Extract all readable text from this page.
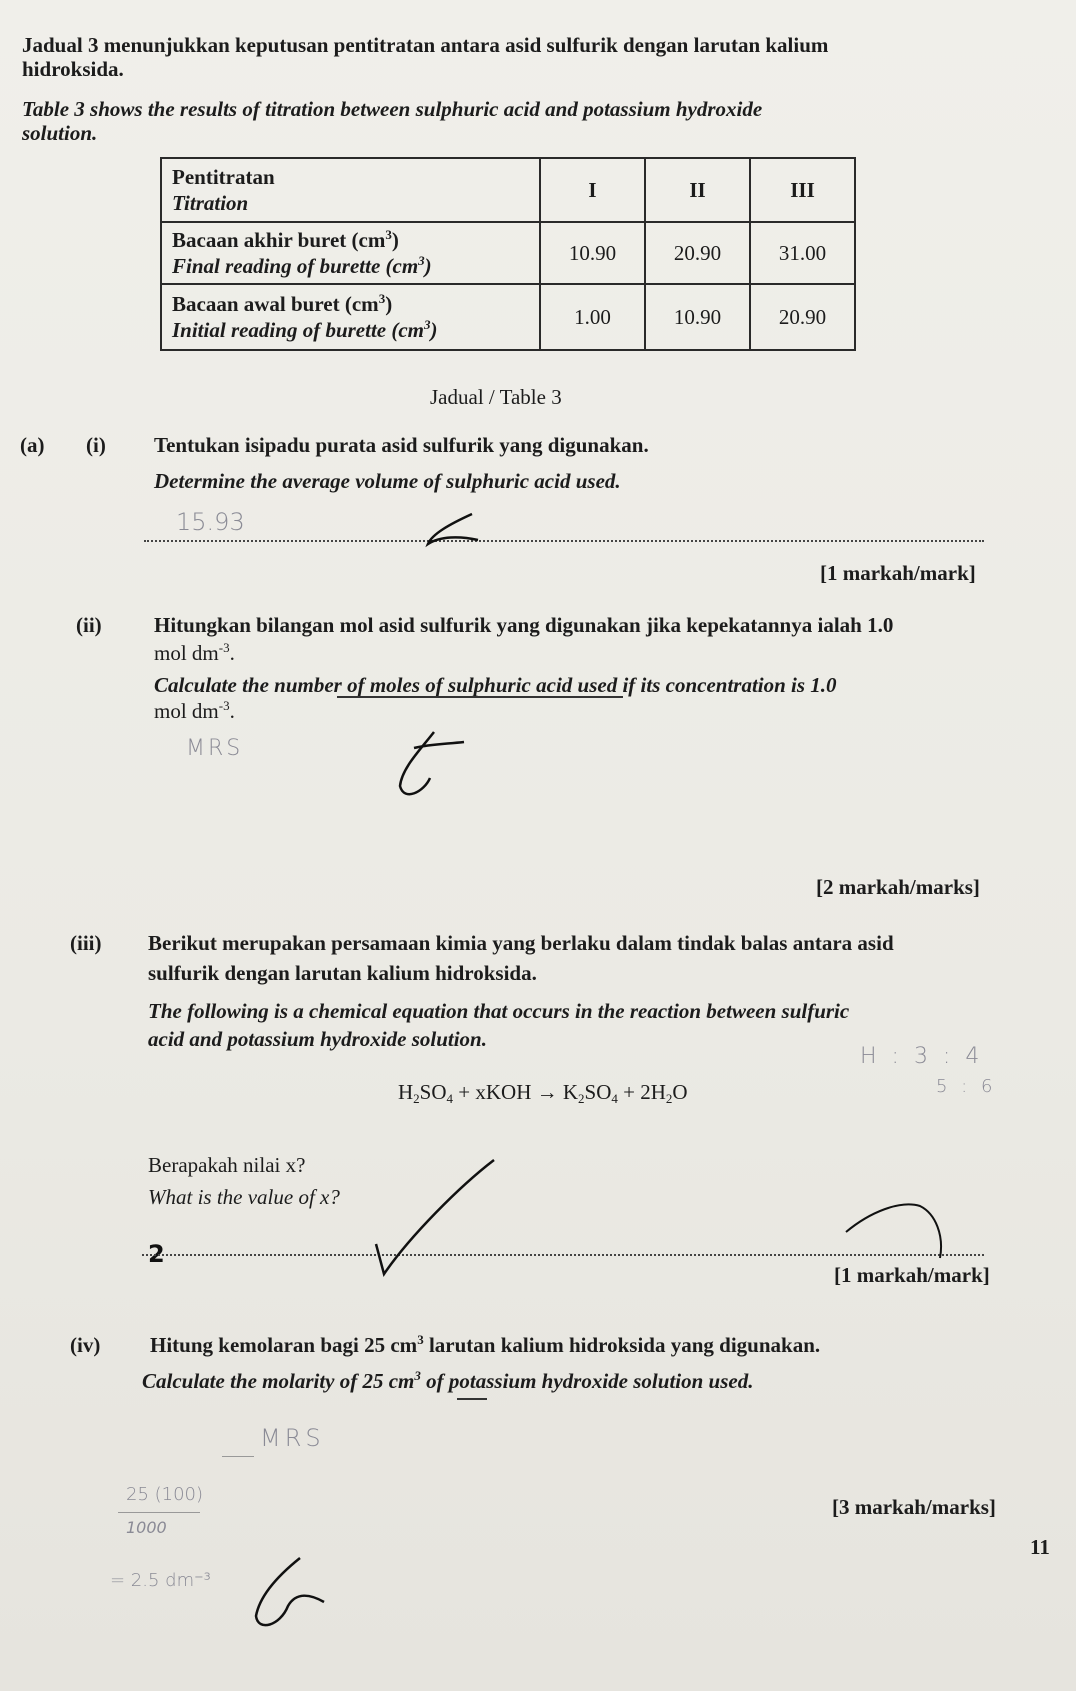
Jadual 3 menunjukkan keputusan pentitratan antara asid sulfurik dengan larutan kalium
hidroksida.
Table 3 shows the results of titration between sulphuric acid and potassium hydroxide
solution.
Pentitratan
Titration	I	II	III

Bacaan akhir buret $(cm^3)$
Final reading of burette $(cm^3)$	10.90	20.90	31.00

Bacaan awal buret $(cm^3)$
Initial reading of burette $(cm^3)$	1.00	10.90	20.90
Jadual / Table 3
(a) (i) Tentukan isipadu purata asid sulfurik yang digunakan.
Determine the average volume of sulphuric acid used.
15.93
[1 markah/mark]
(ii) Hitungkan bilangan mol asid sulfurik yang digunakan jika kepekatannya ialah 1.0
mol $dm^{-3}$.
Calculate the number of moles of sulphuric acid used if its concentration is 1.0
mol $dm^{-3}$.
MRS
[2 markah/marks]
(iii) Berikut merupakan persamaan kimia yang berlaku dalam tindak balas antara asid
sulfurik dengan larutan kalium hidroksida.
The following is a chemical equation that occurs in the reaction between sulfuric
acid and potassium hydroxide solution.
H : 3 : 4
5 : 6
$H_2SO_4$ + xKOH → $K_2SO_4 + 2H_2O$
Berapakah nilai x?
What is the value of x?
2
[1 markah/mark]
(iv) Hitung kemolaran bagi 25 $cm^3$ larutan kalium hidroksida yang digunakan.
Calculate the molarity of 25 $cm^3$ of potassium hydroxide solution used.
MRS
25 (100)
1000
= 2.5 dm⁻³
[3 markah/marks]
11
